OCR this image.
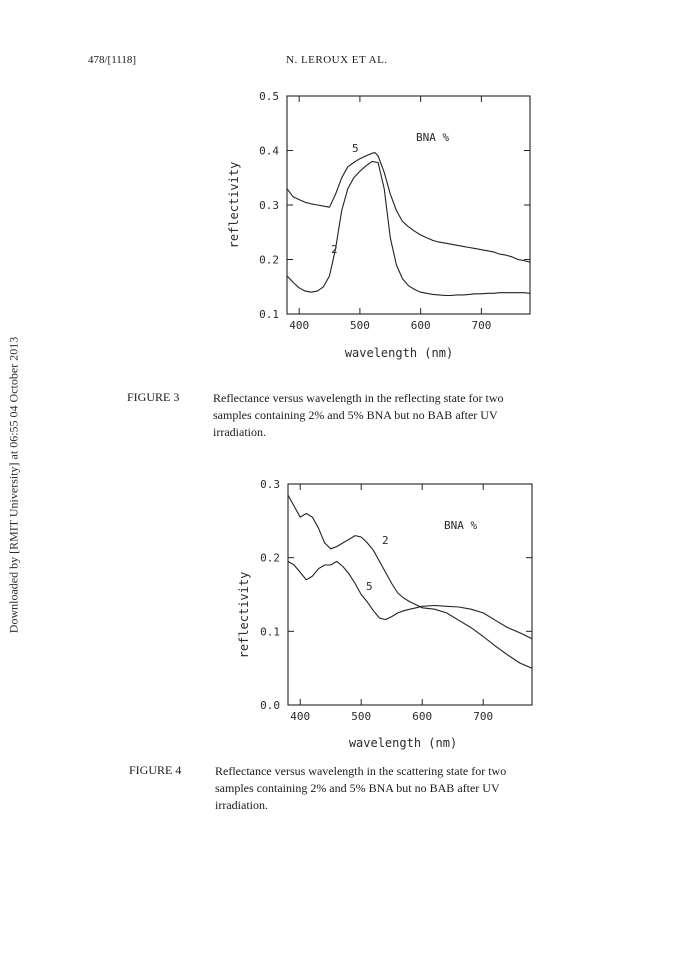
478/[1118]	N. LEROUX ET AL.
Downloaded by [RMIT University] at 06:55 04 October 2013
400	500	600	700
0.1
0.2
0.3
0.4
0.5
5
2
BNA %
wavelength (nm)
reflectivity
400	500	600	700
0.0
0.1
0.2
0.3
2
5
BNA %
wavelength (nm)
reflectivity
FIGURE 3	Reflectance versus wavelength in the reflecting state for two
samples containing 2% and 5% BNA but no BAB after UV
irradiation.
FIGURE 4	Reflectance versus wavelength in the scattering state for two
samples containing 2% and 5% BNA but no BAB after UV
irradiation.
